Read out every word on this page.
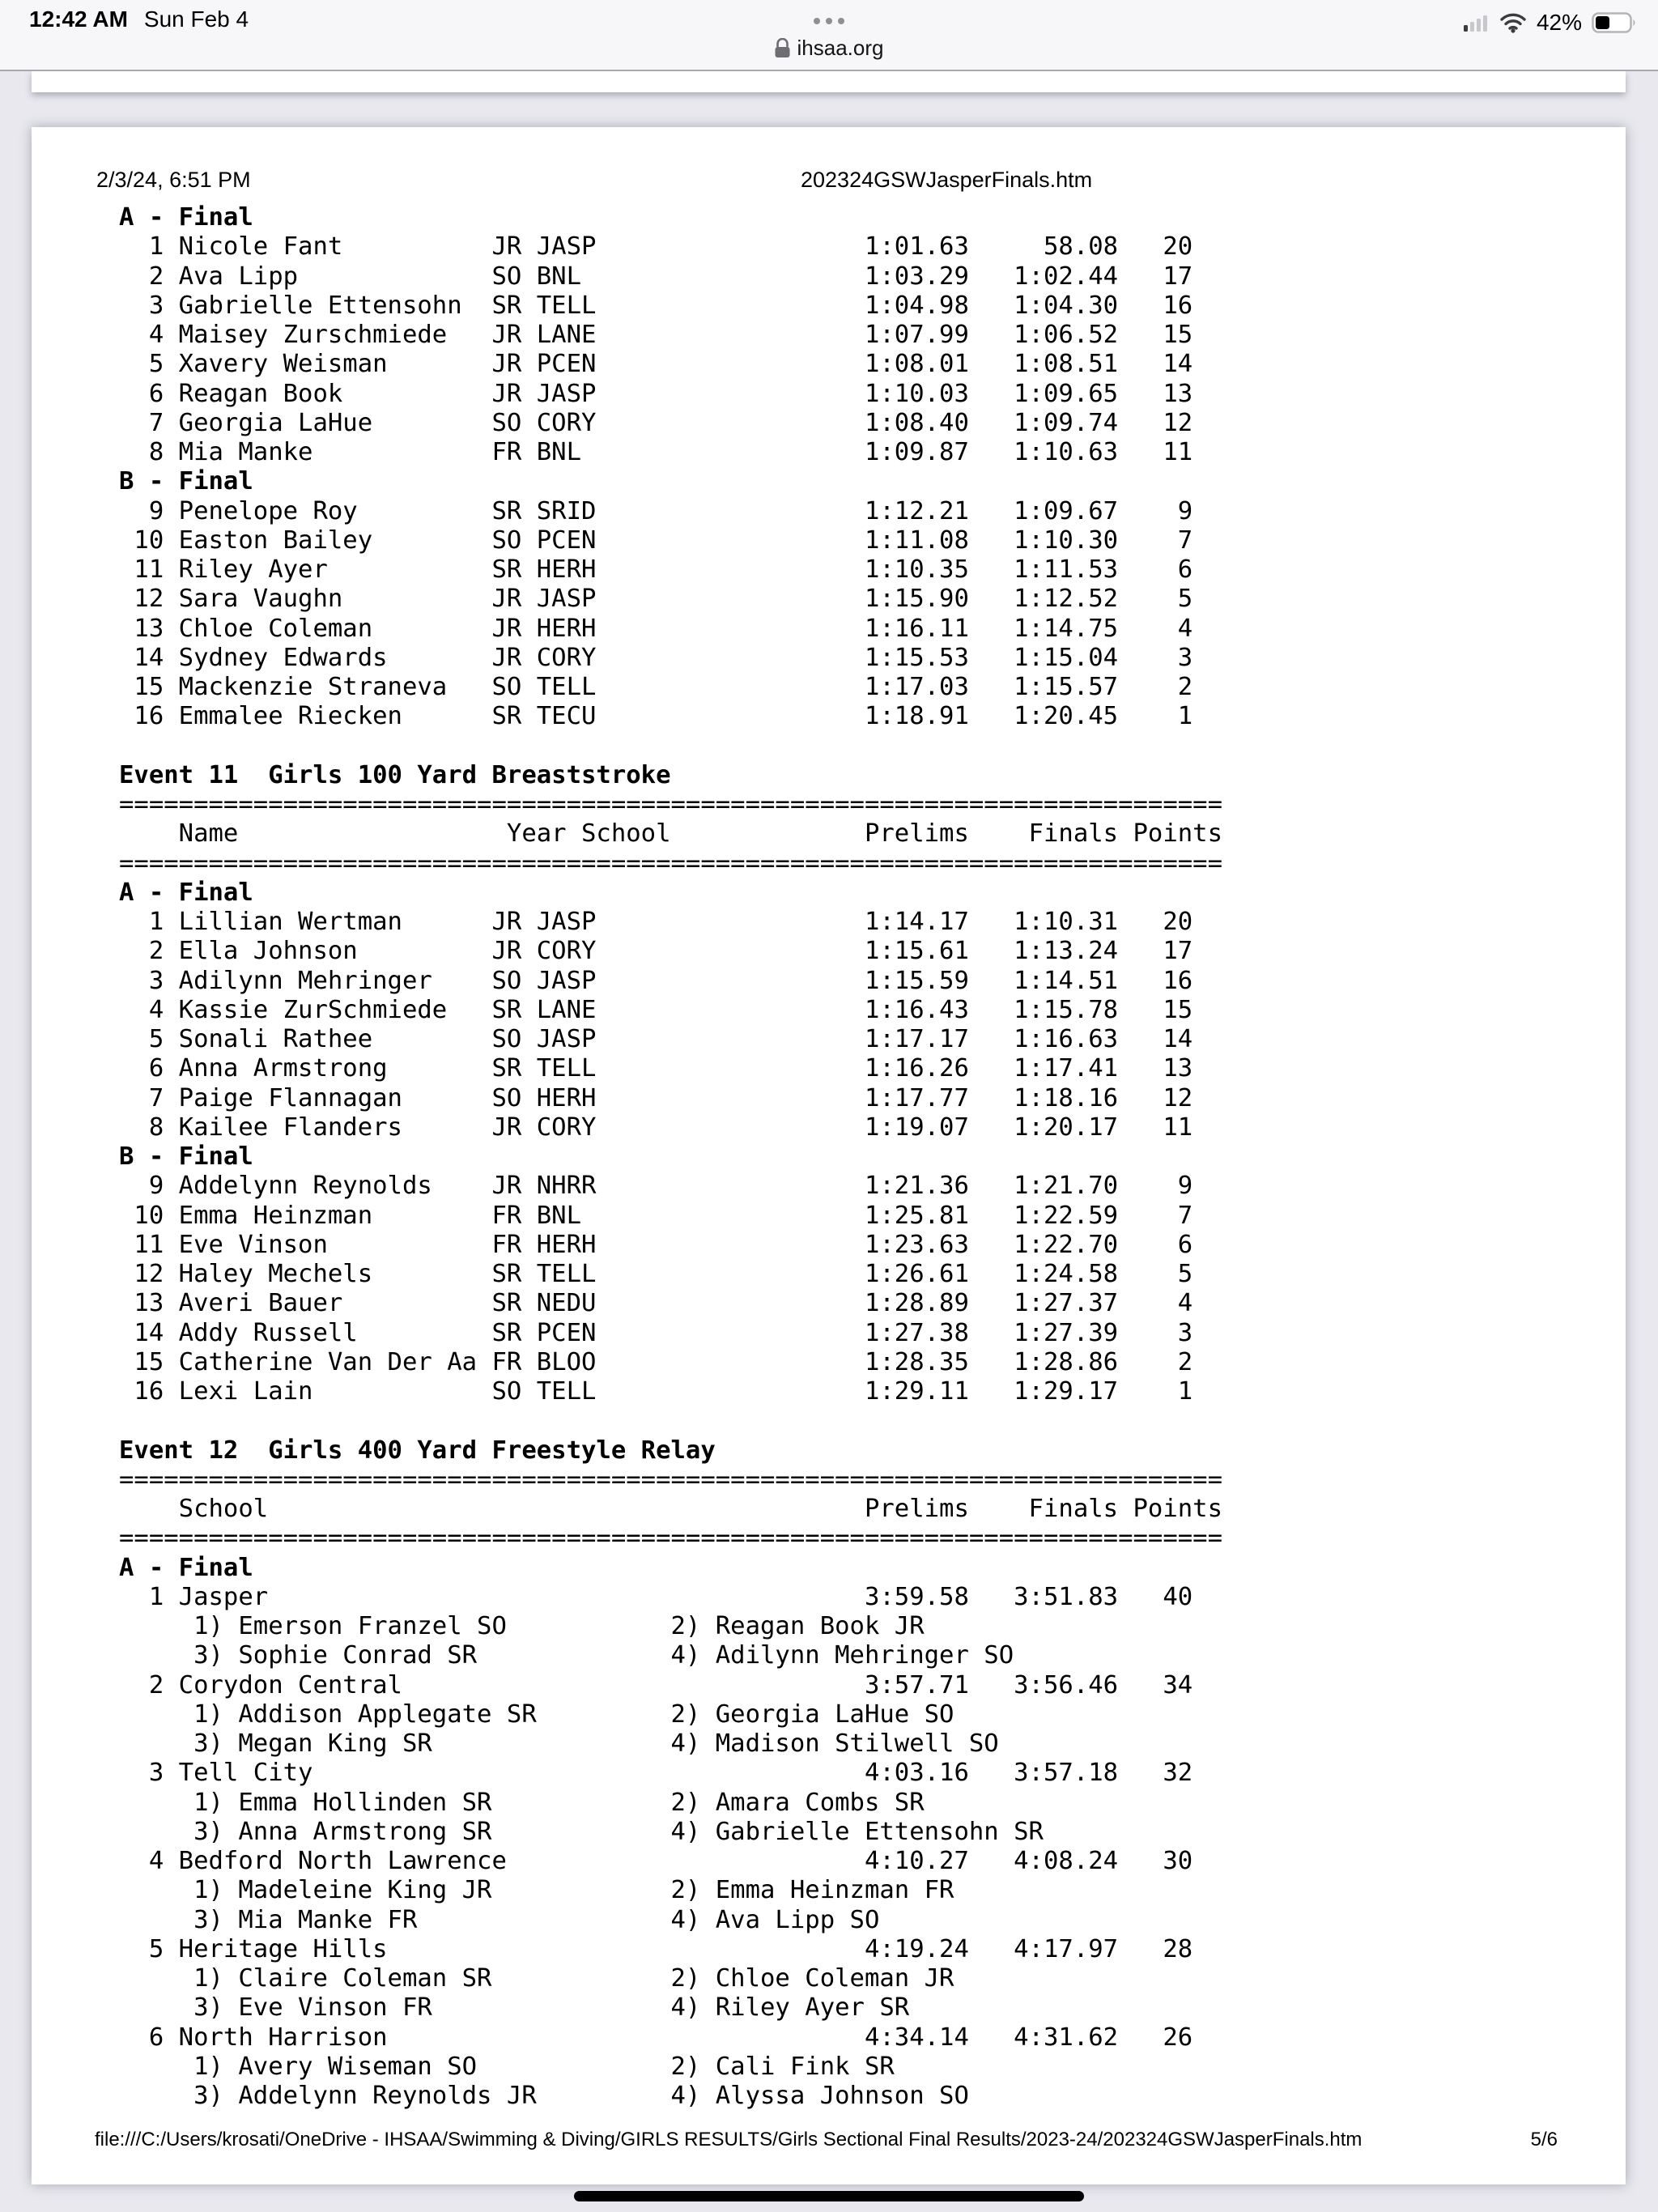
12:42 AM Sun Feb 4
ihsaa.org
42%
2/3/24, 6:51 PM	202324GSWJasperFinals.htm
A - Final
1 Nicole Fant          JR JASP                  1:01.63     58.08   20
2 Ava Lipp             SO BNL                   1:03.29   1:02.44   17
3 Gabrielle Ettensohn  SR TELL                  1:04.98   1:04.30   16
4 Maisey Zurschmiede   JR LANE                  1:07.99   1:06.52   15
5 Xavery Weisman       JR PCEN                  1:08.01   1:08.51   14
6 Reagan Book          JR JASP                  1:10.03   1:09.65   13
7 Georgia LaHue        SO CORY                  1:08.40   1:09.74   12
8 Mia Manke            FR BNL                   1:09.87   1:10.63   11
B - Final
9 Penelope Roy         SR SRID                  1:12.21   1:09.67    9
10 Easton Bailey        SO PCEN                  1:11.08   1:10.30    7
11 Riley Ayer           SR HERH                  1:10.35   1:11.53    6
12 Sara Vaughn          JR JASP                  1:15.90   1:12.52    5
13 Chloe Coleman        JR HERH                  1:16.11   1:14.75    4
14 Sydney Edwards       JR CORY                  1:15.53   1:15.04    3
15 Mackenzie Straneva   SO TELL                  1:17.03   1:15.57    2
16 Emmalee Riecken      SR TECU                  1:18.91   1:20.45    1

Event 11  Girls 100 Yard Breaststroke
==========================================================================
Name                  Year School             Prelims    Finals Points
==========================================================================
A - Final
1 Lillian Wertman      JR JASP                  1:14.17   1:10.31   20
2 Ella Johnson         JR CORY                  1:15.61   1:13.24   17
3 Adilynn Mehringer    SO JASP                  1:15.59   1:14.51   16
4 Kassie ZurSchmiede   SR LANE                  1:16.43   1:15.78   15
5 Sonali Rathee        SO JASP                  1:17.17   1:16.63   14
6 Anna Armstrong       SR TELL                  1:16.26   1:17.41   13
7 Paige Flannagan      SO HERH                  1:17.77   1:18.16   12
8 Kailee Flanders      JR CORY                  1:19.07   1:20.17   11
B - Final
9 Addelynn Reynolds    JR NHRR                  1:21.36   1:21.70    9
10 Emma Heinzman        FR BNL                   1:25.81   1:22.59    7
11 Eve Vinson           FR HERH                  1:23.63   1:22.70    6
12 Haley Mechels        SR TELL                  1:26.61   1:24.58    5
13 Averi Bauer          SR NEDU                  1:28.89   1:27.37    4
14 Addy Russell         SR PCEN                  1:27.38   1:27.39    3
15 Catherine Van Der Aa FR BLOO                  1:28.35   1:28.86    2
16 Lexi Lain            SO TELL                  1:29.11   1:29.17    1

Event 12  Girls 400 Yard Freestyle Relay
==========================================================================
School                                        Prelims    Finals Points
==========================================================================
A - Final
1 Jasper                                        3:59.58   3:51.83   40
1) Emerson Franzel SO           2) Reagan Book JR
3) Sophie Conrad SR             4) Adilynn Mehringer SO
2 Corydon Central                               3:57.71   3:56.46   34
1) Addison Applegate SR         2) Georgia LaHue SO
3) Megan King SR                4) Madison Stilwell SO
3 Tell City                                     4:03.16   3:57.18   32
1) Emma Hollinden SR            2) Amara Combs SR
3) Anna Armstrong SR            4) Gabrielle Ettensohn SR
4 Bedford North Lawrence                        4:10.27   4:08.24   30
1) Madeleine King JR            2) Emma Heinzman FR
3) Mia Manke FR                 4) Ava Lipp SO
5 Heritage Hills                                4:19.24   4:17.97   28
1) Claire Coleman SR            2) Chloe Coleman JR
3) Eve Vinson FR                4) Riley Ayer SR
6 North Harrison                                4:34.14   4:31.62   26
1) Avery Wiseman SO             2) Cali Fink SR
3) Addelynn Reynolds JR         4) Alyssa Johnson SO
file:///C:/Users/krosati/OneDrive - IHSAA/Swimming & Diving/GIRLS RESULTS/Girls Sectional Final Results/2023-24/202324GSWJasperFinals.htm	5/6
